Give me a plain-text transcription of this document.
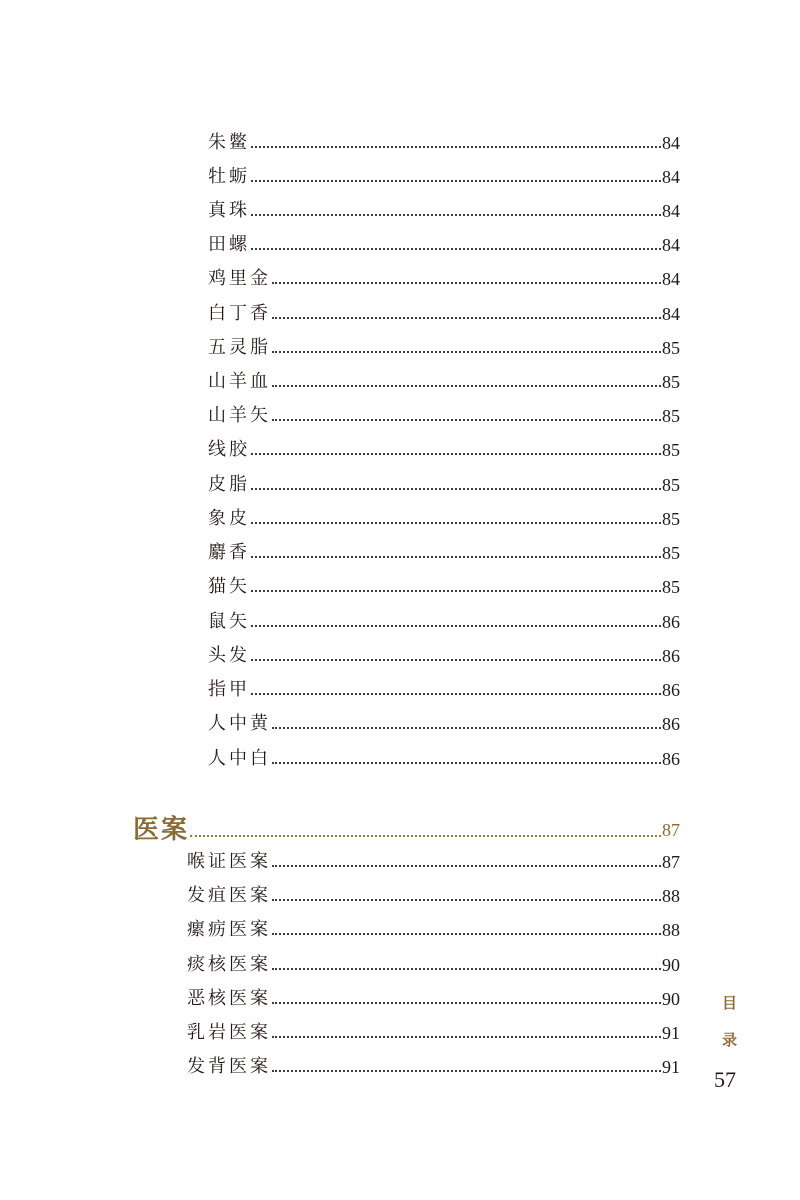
朱鳖	84
牡蛎	84
真珠	84
田螺	84
鸡里金	84
白丁香	84
五灵脂	85
山羊血	85
山羊矢	85
线胶	85
皮脂	85
象皮	85
麝香	85
猫矢	85
鼠矢	86
头发	86
指甲	86
人中黄	86
人中白	86
医案	87
喉证医案	87
发疽医案	88
瘰疬医案	88
痰核医案	90
恶核医案	90
乳岩医案	91
发背医案	91
目
录
57
